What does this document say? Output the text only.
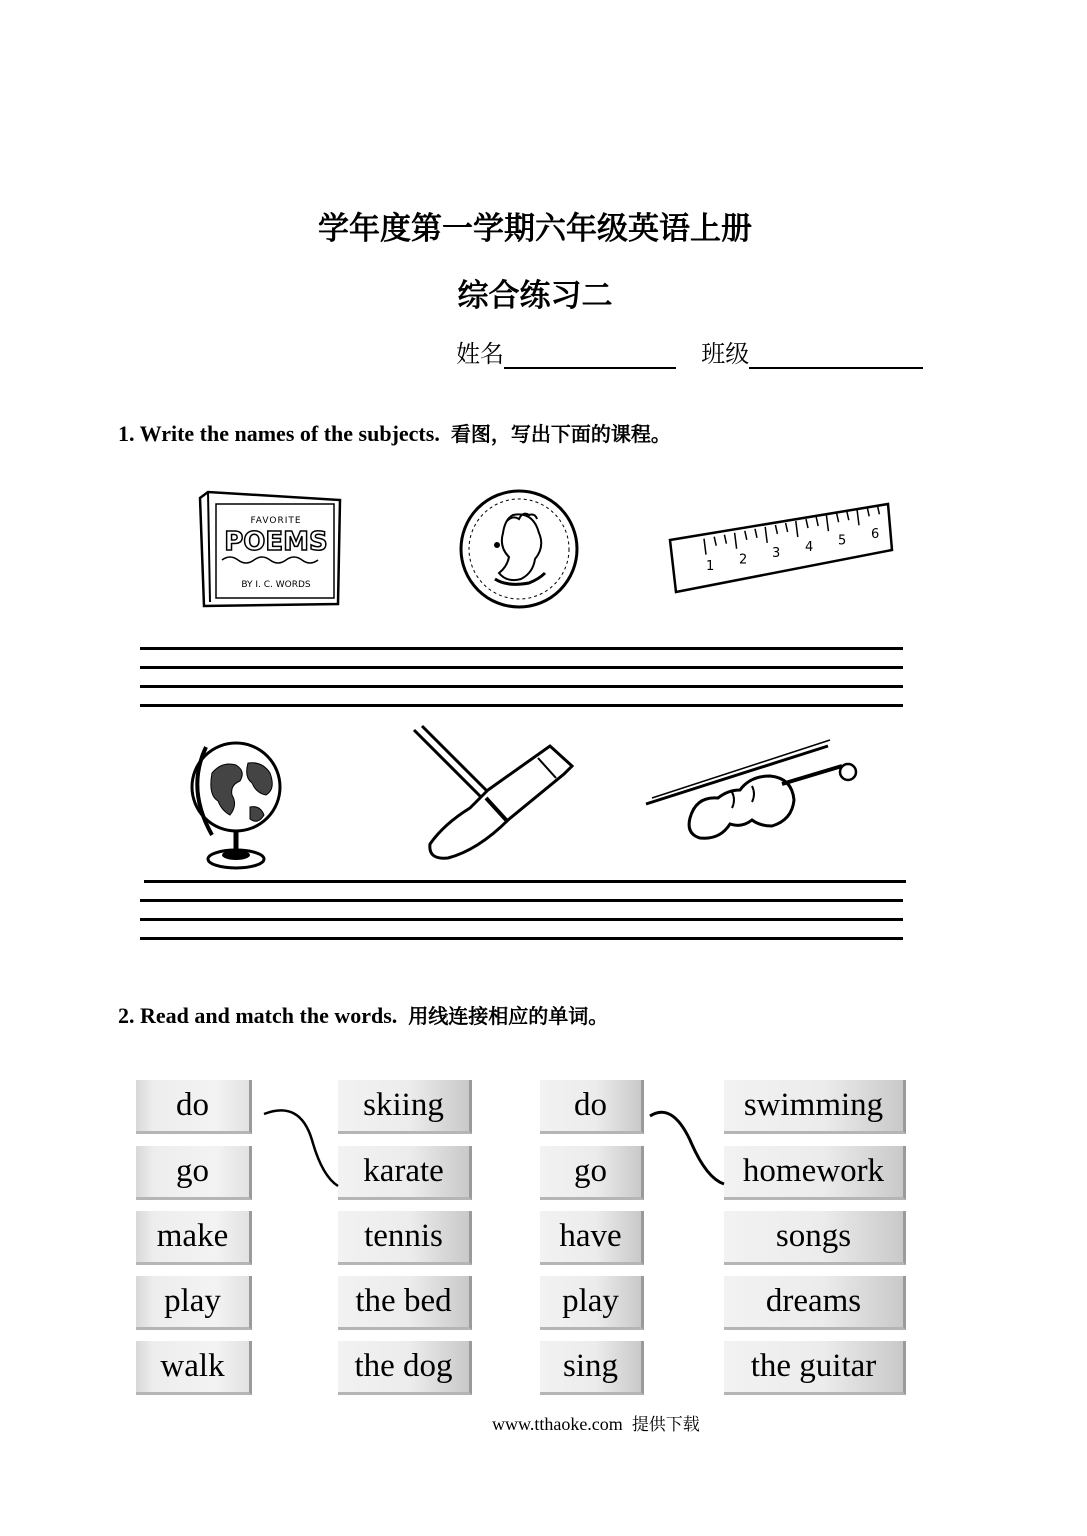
学年度第一学期六年级英语上册
综合练习二
姓名	班级
1. Write the names of the subjects. 看图，写出下面的课程。
FAVORITE
POEMS
BY I. C. WORDS
1 2 3 4 5 6
2. Read and match the words. 用线连接相应的单词。
do
go
make
play
walk
skiing
karate
tennis
the bed
the dog
do
go
have
play
sing
swimming
homework
songs
dreams
the guitar
www.tthaoke.com 提供下载
